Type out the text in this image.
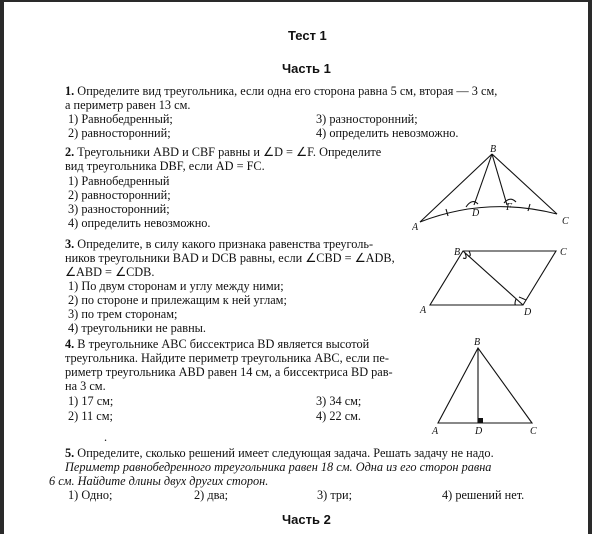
Тест 1
Часть 1
1. Определите вид треугольника, если одна его сторона равна 5 см, вторая — 3 см,
а периметр равен 13 см.
1) Равнобедренный;	3) разносторонний;
2) равносторонний;	4) определить невозможно.
2. Треугольники ABD и CBF равны и ∠D = ∠F. Определите
вид треугольника DBF, если AD = FC.
1) Равнобедренный
2) равносторонний;
3) разносторонний;
4) определить невозможно.	A
B
C
D
F
3. Определите, в силу какого признака равенства треуголь-
ников треугольники BAD и DCB равны, если ∠CBD = ∠ADB,
∠ABD = ∠CDB.
1) По двум сторонам и углу между ними;
2) по стороне и прилежащим к ней углам;
3) по трем сторонам;
4) треугольники не равны.
B	C
A	D
4. В треугольнике ABC биссектриса BD является высотой
треугольника. Найдите периметр треугольника ABC, если пе-
риметр треугольника ABD равен 14 см, а биссектриса BD рав-
на 3 см.
1) 17 см;	3) 34 см;
2) 11 см;	4) 22 см.
.
B
A	D	C
5. Определите, сколько решений имеет следующая задача. Решать задачу не надо.
Периметр равнобедренного треугольника равен 18 см. Одна из его сторон равна
6 см. Найдите длины двух других сторон.
1) Одно;	2) два;	3) три;	4) решений нет.
Часть 2
